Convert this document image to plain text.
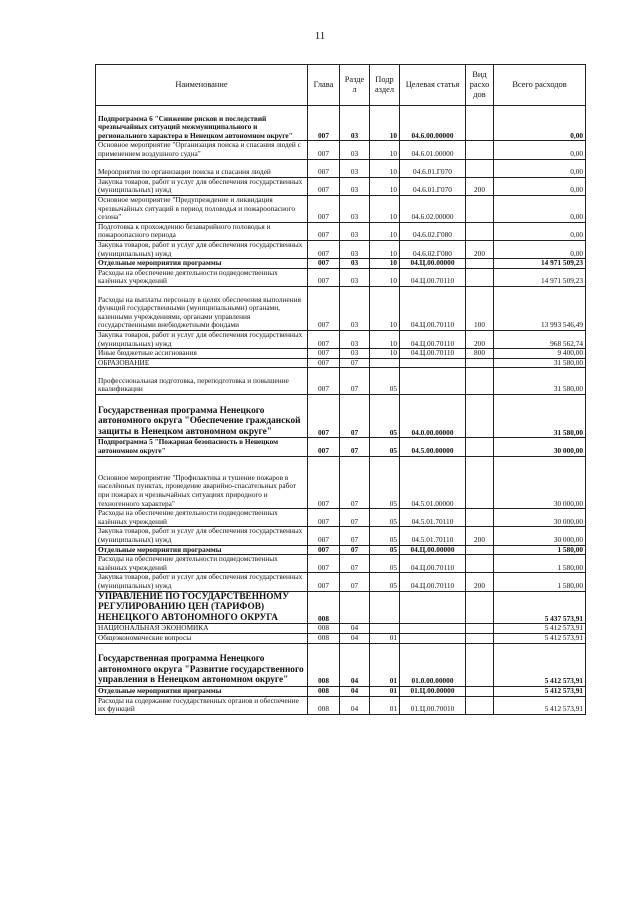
11
Наименование	Глава	Разде л	Подр аздел	Целевая статья	Вид расхо дов	Всего расходов
Подпрограмма 6 "Снижение рисков и последствий чрезвычайных ситуаций межмуниципального и регионального характера в Ненецком автономном округе"	007	03	10	04.6.00.00000		0,00
Основное мероприятие "Организация поиска и спасания людей с применением воздушного судна"	007	03	10	04.6.01.00000		0,00
Мероприятия по организации поиска и спасания людей	007	03	10	04.6.01.Г070		0,00
Закупка товаров, работ и услуг для обеспечения государственных (муниципальных) нужд	007	03	10	04.6.01.Г070	200	0,00
Основное мероприятие "Предупреждение и ликвидация чрезвычайных ситуаций в период половодья и пожароопасного сезона"	007	03	10	04.6.02.00000		0,00
Подготовка к прохождению безаварийного половодья и пожароопасного периода	007	03	10	04.6.02.Г080		0,00
Закупка товаров, работ и услуг для обеспечения государственных (муниципальных) нужд	007	03	10	04.6.02.Г080	200	0,00
Отдельные мероприятия программы	007	03	10	04.Ц.00.00000		14 971 509,23
Расходы на обеспечение деятельности подведомственных казённых учреждений	007	03	10	04.Ц.00.70110		14 971 509,23
Расходы на выплаты персоналу в целях обеспечения выполнения функций государственными (муниципальными) органами, казенными учреждениями, органами управления государственными внебюджетными фондами	007	03	10	04.Ц.00.70110	100	13 993 546,49
Закупка товаров, работ и услуг для обеспечения государственных (муниципальных) нужд	007	03	10	04.Ц.00.70110	200	968 562,74
Иные бюджетные ассигнования	007	03	10	04.Ц.00.70110	800	9 400,00
ОБРАЗОВАНИЕ	007	07				31 580,00
Профессиональная подготовка, переподготовка и повышение квалификации	007	07	05			31 580,00
Государственная программа Ненецкого автономного округа "Обеспечение гражданской защиты в Ненецком автономном округе"	007	07	05	04.0.00.00000		31 580,00
Подпрограмма 5 "Пожарная безопасность в Ненецком автономном округе"	007	07	05	04.5.00.00000		30 000,00
Основное мероприятие "Профилактика и тушение пожаров в населённых пунктах, проведение аварийно-спасательных работ при пожарах и чрезвычайных ситуациях природного и техногенного характера"	007	07	05	04.5.01.00000		30 000,00
Расходы на обеспечение деятельности подведомственных казённых учреждений	007	07	05	04.5.01.70110		30 000,00
Закупка товаров, работ и услуг для обеспечения государственных (муниципальных) нужд	007	07	05	04.5.01.70110	200	30 000,00
Отдельные мероприятия программы	007	07	05	04.Ц.00.00000		1 580,00
Расходы на обеспечение деятельности подведомственных казённых учреждений	007	07	05	04.Ц.00.70110		1 580,00
Закупка товаров, работ и услуг для обеспечения государственных (муниципальных) нужд	007	07	05	04.Ц.00.70110	200	1 580,00
УПРАВЛЕНИЕ ПО ГОСУДАРСТВЕННОМУ РЕГУЛИРОВАНИЮ ЦЕН (ТАРИФОВ) НЕНЕЦКОГО АВТОНОМНОГО ОКРУГА	008					5 437 573,91
НАЦИОНАЛЬНАЯ ЭКОНОМИКА	008	04				5 412 573,91
Общеэкономические вопросы	008	04	01			5 412 573,91
Государственная программа Ненецкого автономного округа "Развитие государственного управления в Ненецком автономном округе"	008	04	01	01.0.00.00000		5 412 573,91
Отдельные мероприятия программы	008	04	01	01.Ц.00.00000		5 412 573,91
Расходы на содержание государственных органов и обеспечение их функций	008	04	01	01.Ц.00.70010		5 412 573,91
